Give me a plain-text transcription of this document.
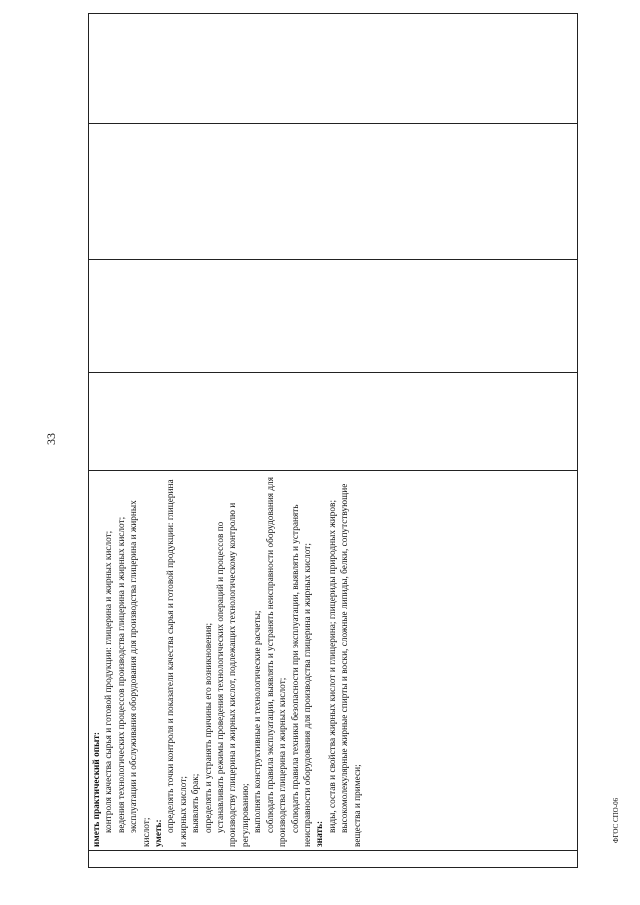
33

иметь практический опыт: контроля качества сырья и готовой продукции: глицерина и жирных кислот; ведения технологических процессов производства глицерина и жирных кислот; эксплуатации и обслуживания оборудования для производства глицерина и жирных кислот; уметь:

определять точки контроля и показатели качества сырья и готовой продукции: глицерина и жирных кислот; выявлять брак; определять и устранять причины его возникновения; устанавливать режимы проведения технологических операций и процессов по производству глицерина и жирных кислот, подлежащих технологическому контролю и регулированию; выполнять конструктивные и технологические расчеты; соблюдать правила эксплуатации, выявлять и устранять неисправности оборудования для производства глицерина и жирных кислот; соблюдать правила техники безопасности при эксплуатации, выявлять и устранять неисправности оборудования для производства глицерина и жирных кислот; знать:

виды, состав и свойства жирных кислот и глицерина; глицериды природных жиров; высокомолекулярные жирные спирты и воски, сложные липиды, белки, сопутствующие вещества и примеси;

					ФГОС СПО-06
